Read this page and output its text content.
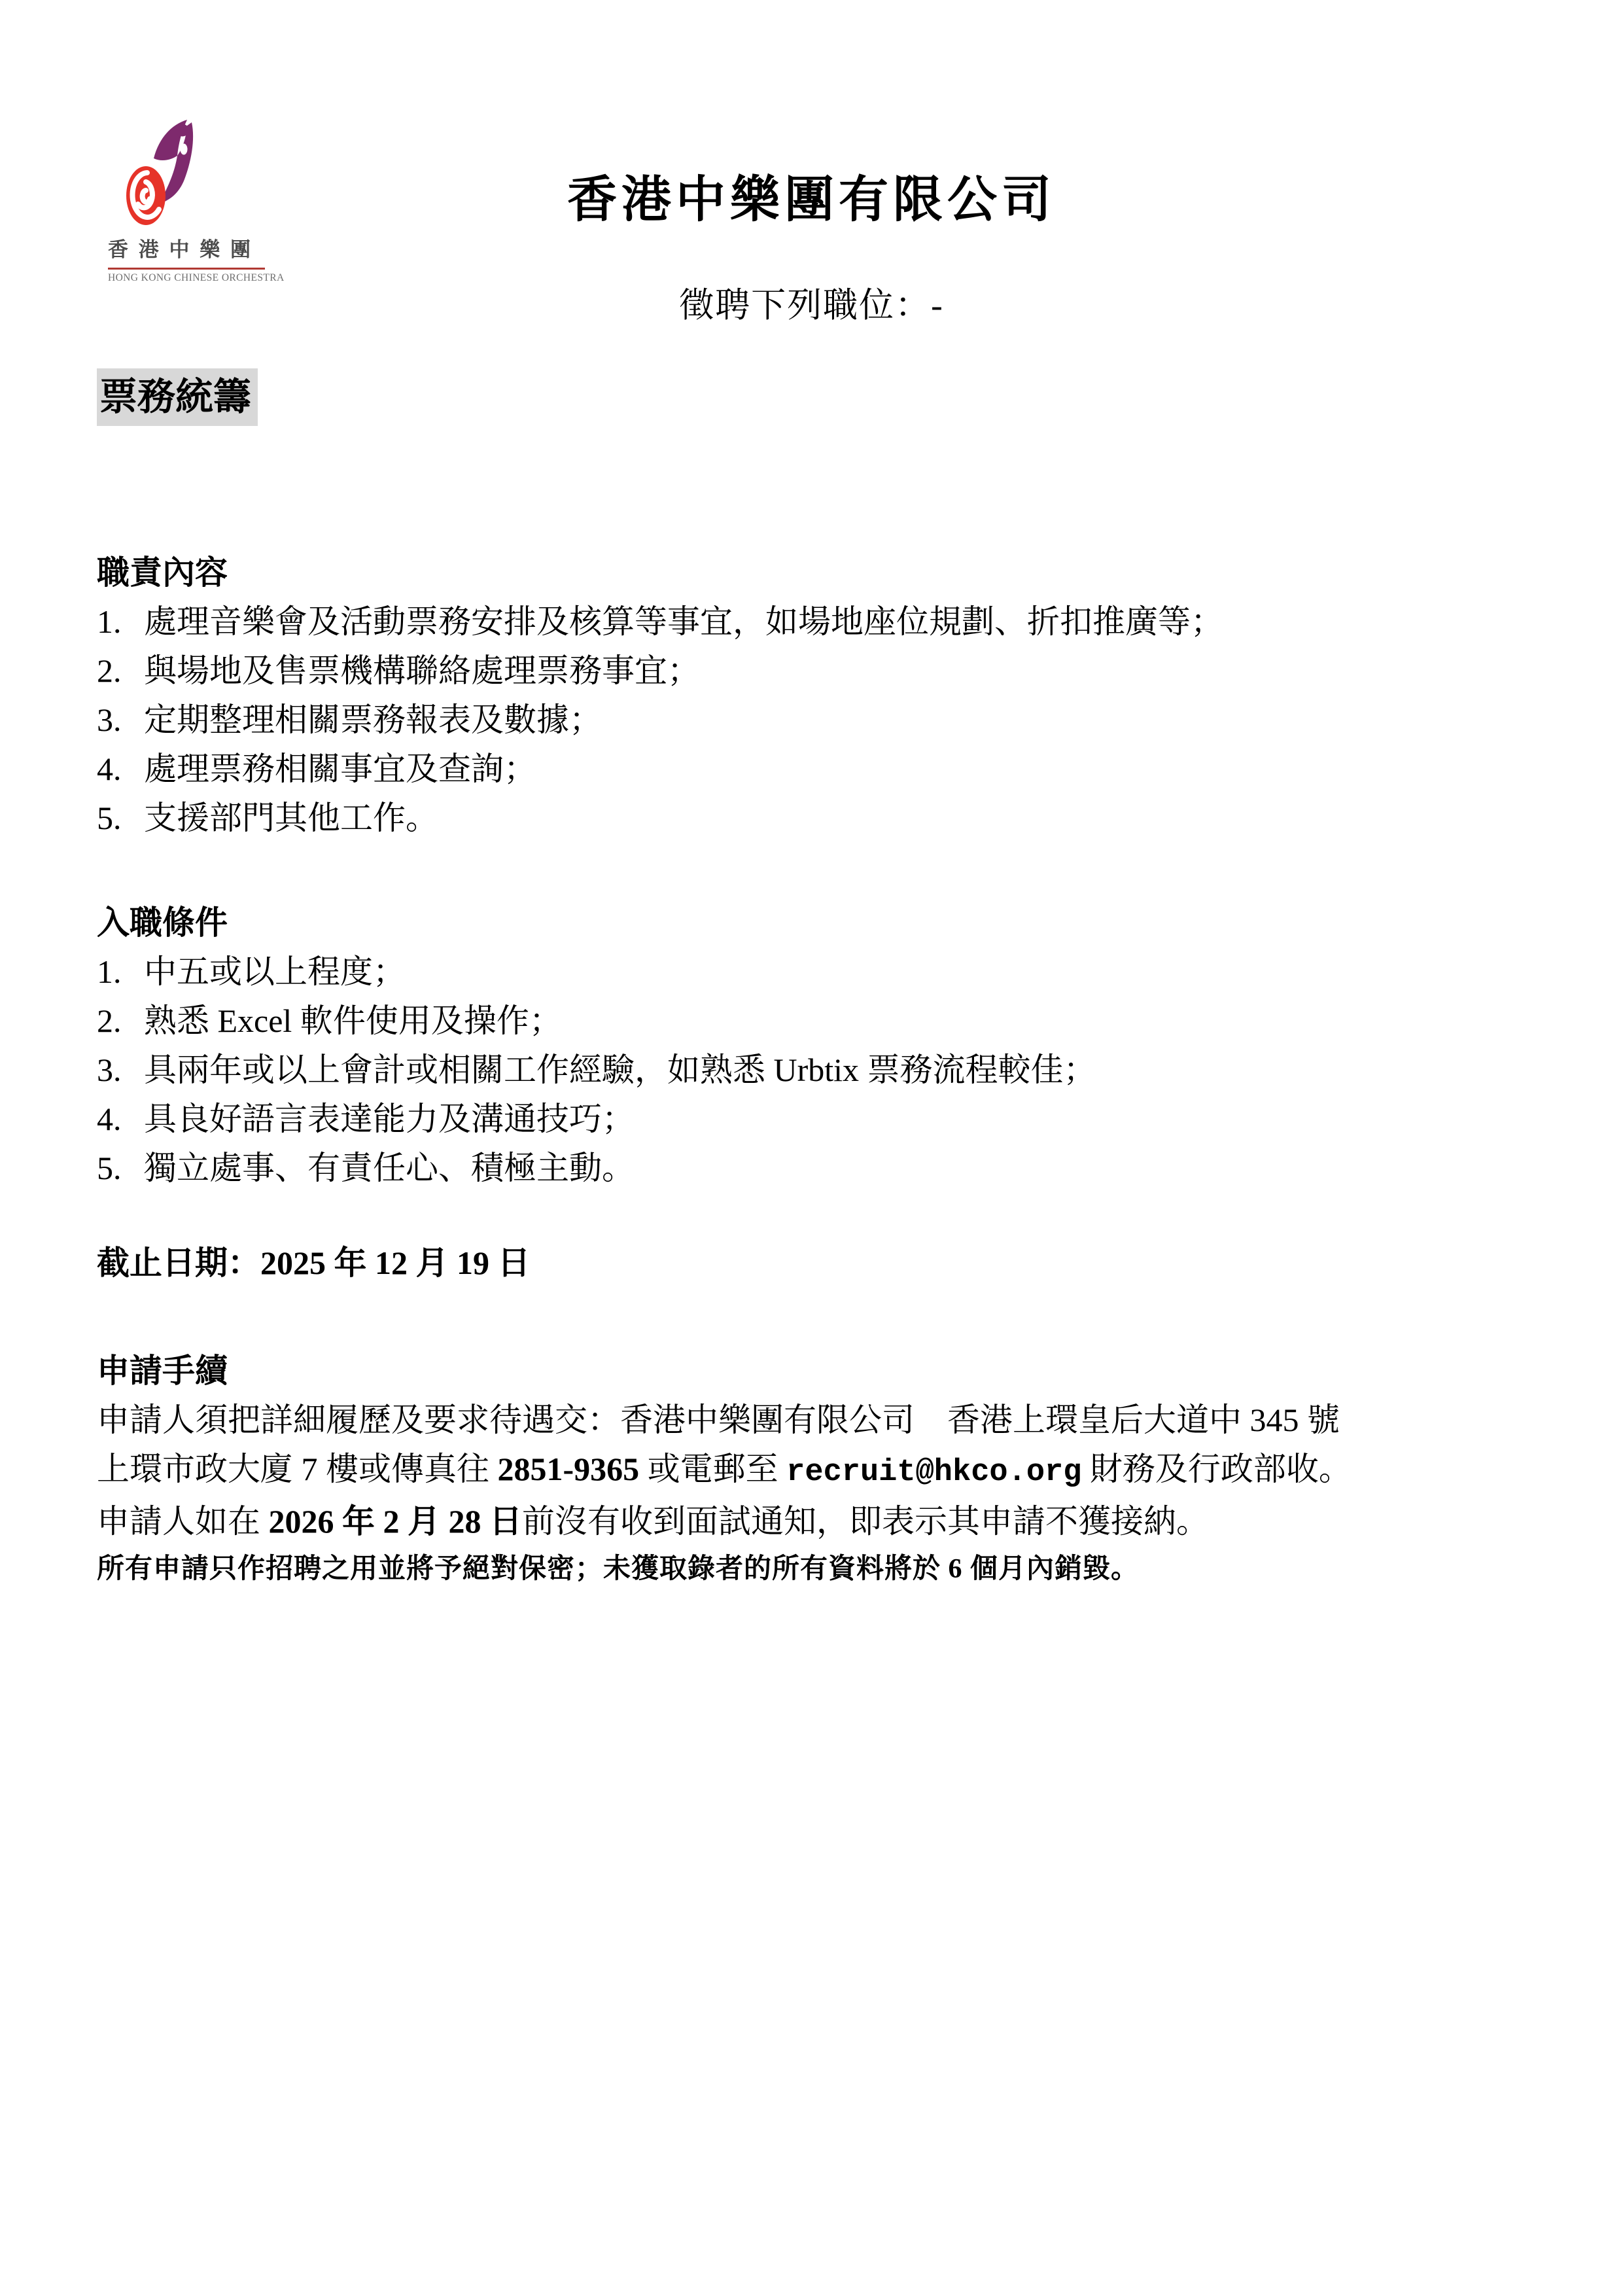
香 港 中 樂 團
HONG KONG CHINESE ORCHESTRA
香港中樂團有限公司
徵聘下列職位：-
票務統籌
職責內容
1. 處理音樂會及活動票務安排及核算等事宜，如場地座位規劃、折扣推廣等；
2. 與場地及售票機構聯絡處理票務事宜；
3. 定期整理相關票務報表及數據；
4. 處理票務相關事宜及查詢；
5. 支援部門其他工作。
入職條件
1. 中五或以上程度；
2. 熟悉 Excel 軟件使用及操作；
3. 具兩年或以上會計或相關工作經驗，如熟悉 Urbtix 票務流程較佳；
4. 具良好語言表達能力及溝通技巧；
5. 獨立處事、有責任心、積極主動。
截止日期：2025 年 12 月 19 日
申請手續
申請人須把詳細履歷及要求待遇交：香港中樂團有限公司　香港上環皇后大道中 345 號
上環市政大廈 7 樓或傳真往 2851-9365 或電郵至 recruit@hkco.org 財務及行政部收。
申請人如在 2026 年 2 月 28 日前沒有收到面試通知，即表示其申請不獲接納。
所有申請只作招聘之用並將予絕對保密；未獲取錄者的所有資料將於 6 個月內銷毀。
